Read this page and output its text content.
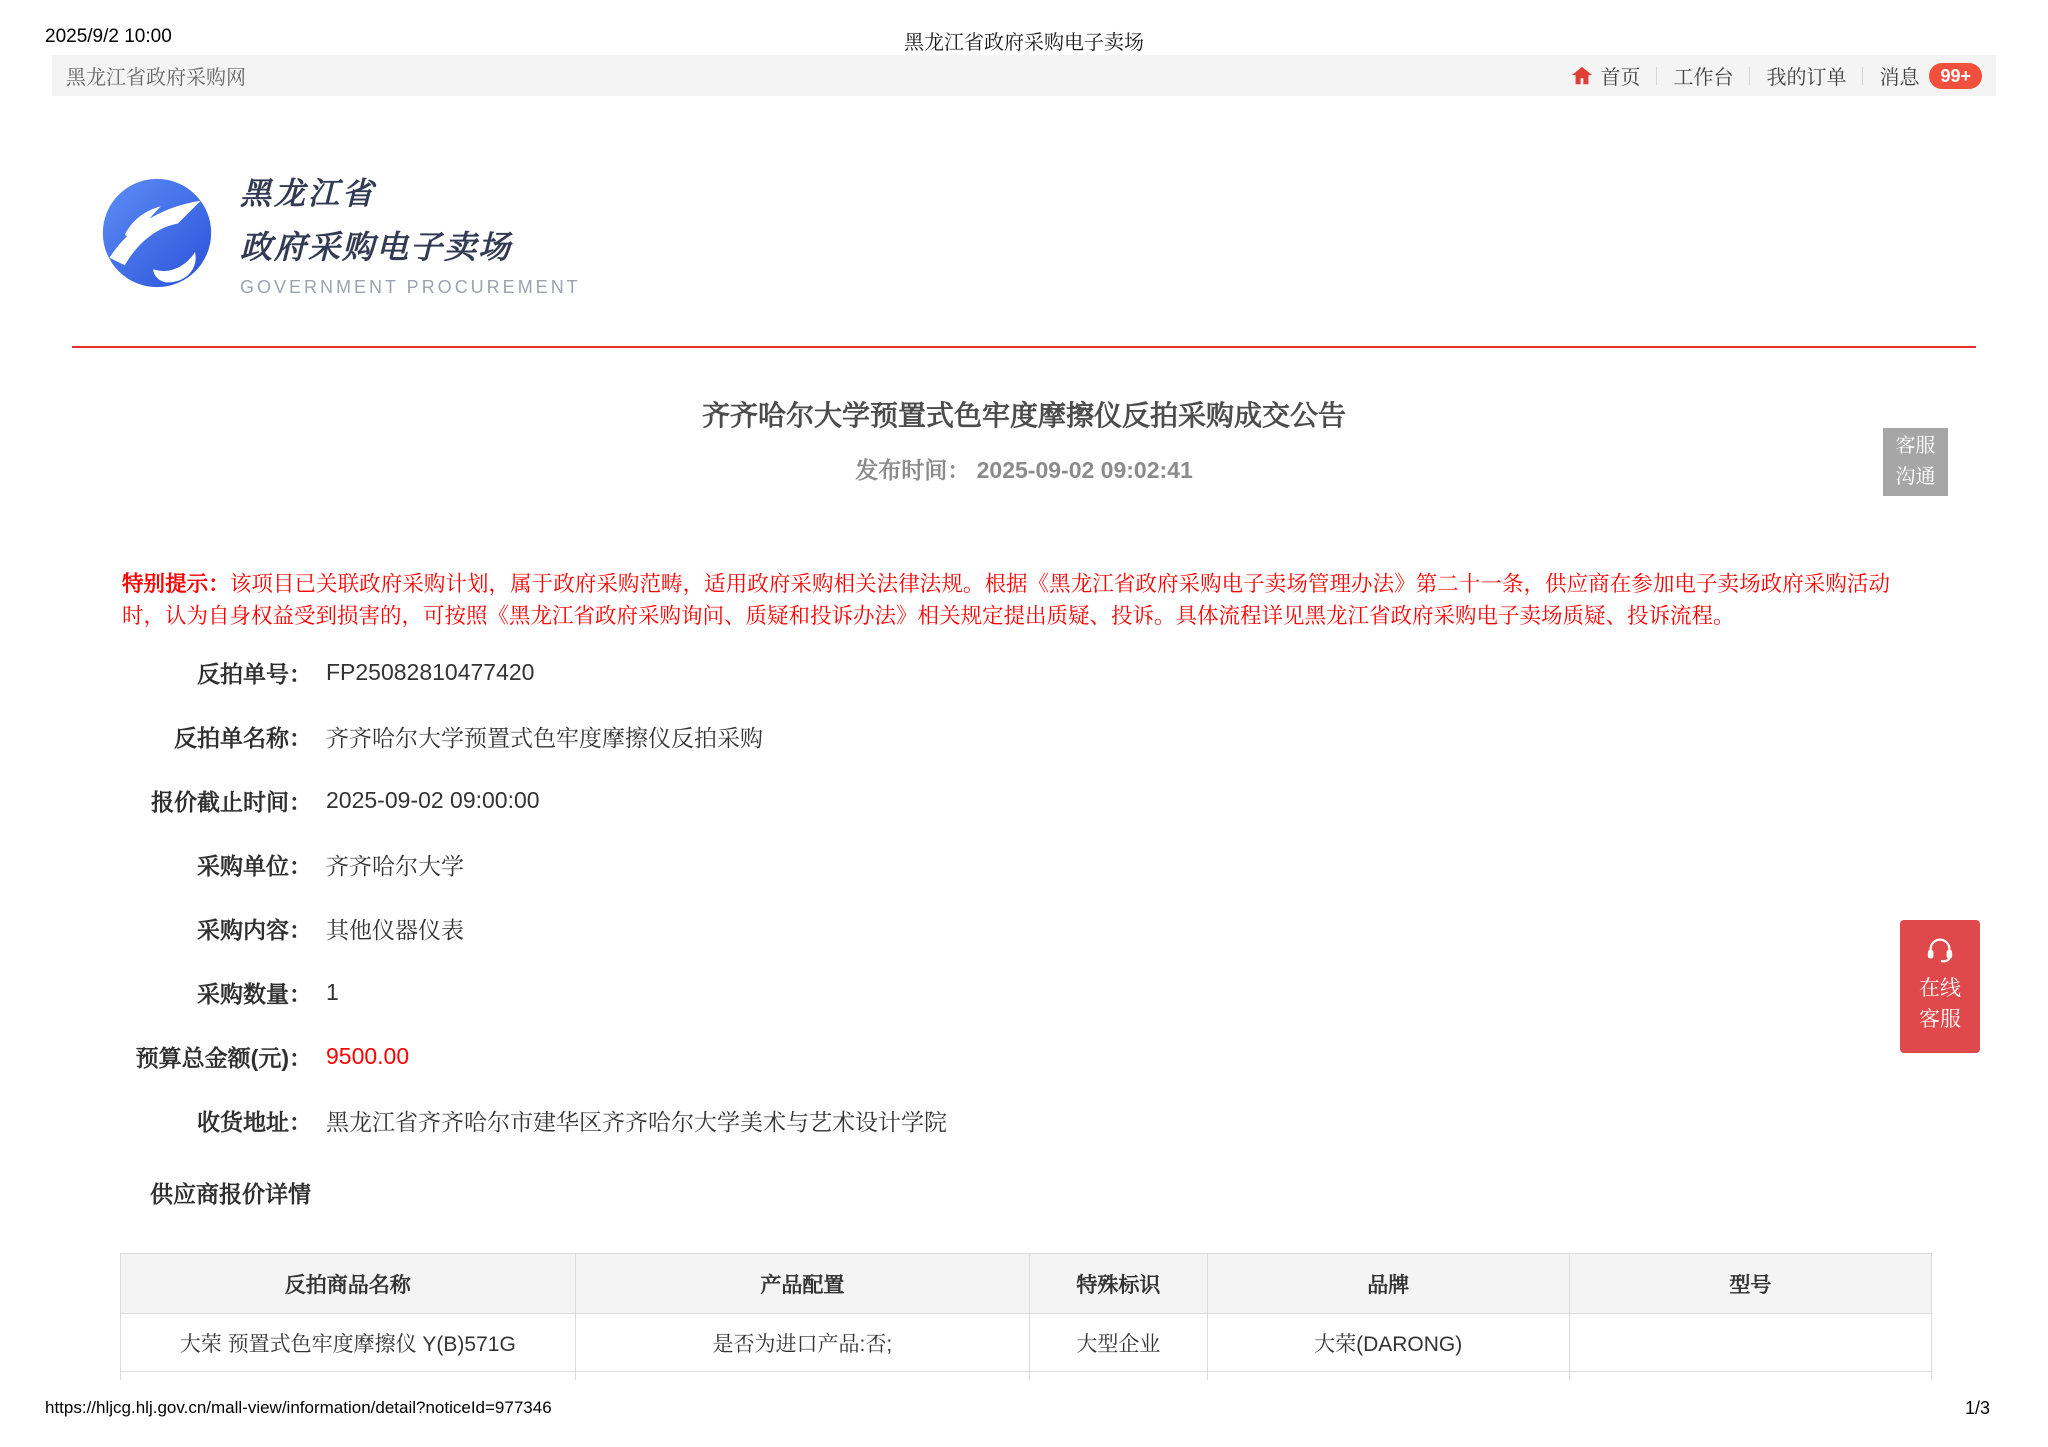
2025/9/2 10:00	黑龙江省政府采购电子卖场
黑龙江省政府采购网	首页 工作台 我的订单 消息	99+
黑龙江省
政府采购电子卖场
GOVERNMENT PROCUREMENT
齐齐哈尔大学预置式色牢度摩擦仪反拍采购成交公告
发布时间： 2025-09-02 09:02:41
客服沟通
特别提示：该项目已关联政府采购计划，属于政府采购范畴，适用政府采购相关法律法规。根据《黑龙江省政府采购电子卖场管理办法》第二十一条，供应商在参加电子卖场政府采购活动时，认为自身权益受到损害的，可按照《黑龙江省政府采购询问、质疑和投诉办法》相关规定提出质疑、投诉。具体流程详见黑龙江省政府采购电子卖场质疑、投诉流程。
反拍单号： FP25082810477420
反拍单名称： 齐齐哈尔大学预置式色牢度摩擦仪反拍采购
报价截止时间： 2025-09-02 09:00:00
采购单位： 齐齐哈尔大学
采购内容： 其他仪器仪表
采购数量： 1
预算总金额(元)： 9500.00
收货地址： 黑龙江省齐齐哈尔市建华区齐齐哈尔大学美术与艺术设计学院
供应商报价详情
反拍商品名称	产品配置	特殊标识	品牌	型号
大荣 预置式色牢度摩擦仪 Y(B)571G	是否为进口产品:否;	大型企业	大荣(DARONG)	

在线
客服
https://hljcg.hlj.gov.cn/mall-view/information/detail?noticeId=977346	1/3
